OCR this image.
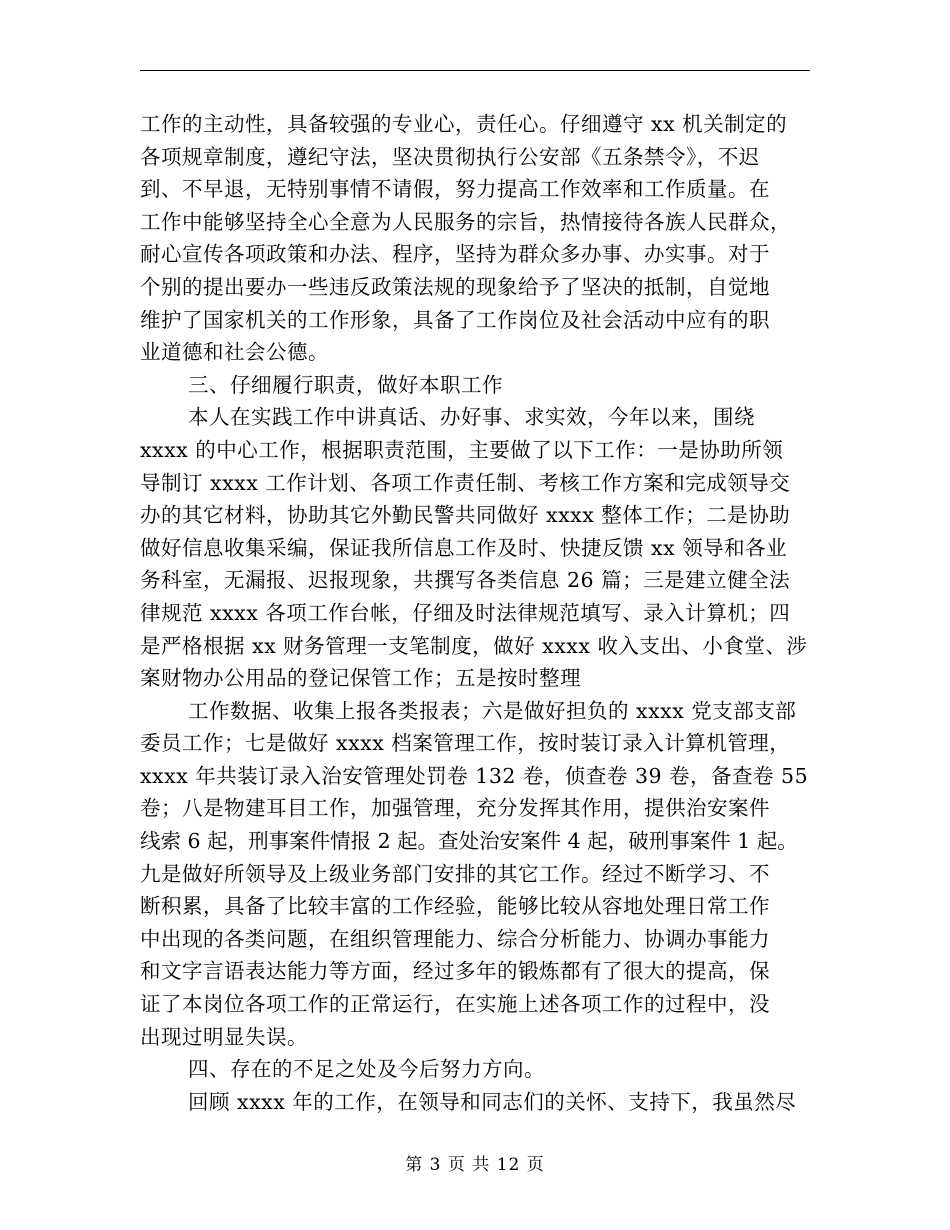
工作的主动性，具备较强的专业心，责任心。仔细遵守 xx 机关制定的
各项规章制度，遵纪守法，坚决贯彻执行公安部《五条禁令》，不迟
到、不早退，无特别事情不请假，努力提高工作效率和工作质量。在
工作中能够坚持全心全意为人民服务的宗旨，热情接待各族人民群众，
耐心宣传各项政策和办法、程序，坚持为群众多办事、办实事。对于
个别的提出要办一些违反政策法规的现象给予了坚决的抵制，自觉地
维护了国家机关的工作形象，具备了工作岗位及社会活动中应有的职
业道德和社会公德。
三、仔细履行职责，做好本职工作
本人在实践工作中讲真话、办好事、求实效，今年以来，围绕
xxxx 的中心工作，根据职责范围，主要做了以下工作：一是协助所领
导制订 xxxx 工作计划、各项工作责任制、考核工作方案和完成领导交
办的其它材料，协助其它外勤民警共同做好 xxxx 整体工作；二是协助
做好信息收集采编，保证我所信息工作及时、快捷反馈 xx 领导和各业
务科室，无漏报、迟报现象，共撰写各类信息 26 篇；三是建立健全法
律规范 xxxx 各项工作台帐，仔细及时法律规范填写、录入计算机；四
是严格根据 xx 财务管理一支笔制度，做好 xxxx 收入支出、小食堂、涉
案财物办公用品的登记保管工作；五是按时整理
工作数据、收集上报各类报表；六是做好担负的 xxxx 党支部支部
委员工作；七是做好 xxxx 档案管理工作，按时装订录入计算机管理，
xxxx 年共装订录入治安管理处罚卷 132 卷，侦查卷 39 卷，备查卷 55
卷；八是物建耳目工作，加强管理，充分发挥其作用，提供治安案件
线索 6 起，刑事案件情报 2 起。查处治安案件 4 起，破刑事案件 1 起。
九是做好所领导及上级业务部门安排的其它工作。经过不断学习、不
断积累，具备了比较丰富的工作经验，能够比较从容地处理日常工作
中出现的各类问题，在组织管理能力、综合分析能力、协调办事能力
和文字言语表达能力等方面，经过多年的锻炼都有了很大的提高，保
证了本岗位各项工作的正常运行，在实施上述各项工作的过程中，没
出现过明显失误。
四、存在的不足之处及今后努力方向。
回顾 xxxx 年的工作，在领导和同志们的关怀、支持下，我虽然尽
第 3 页 共 12 页
